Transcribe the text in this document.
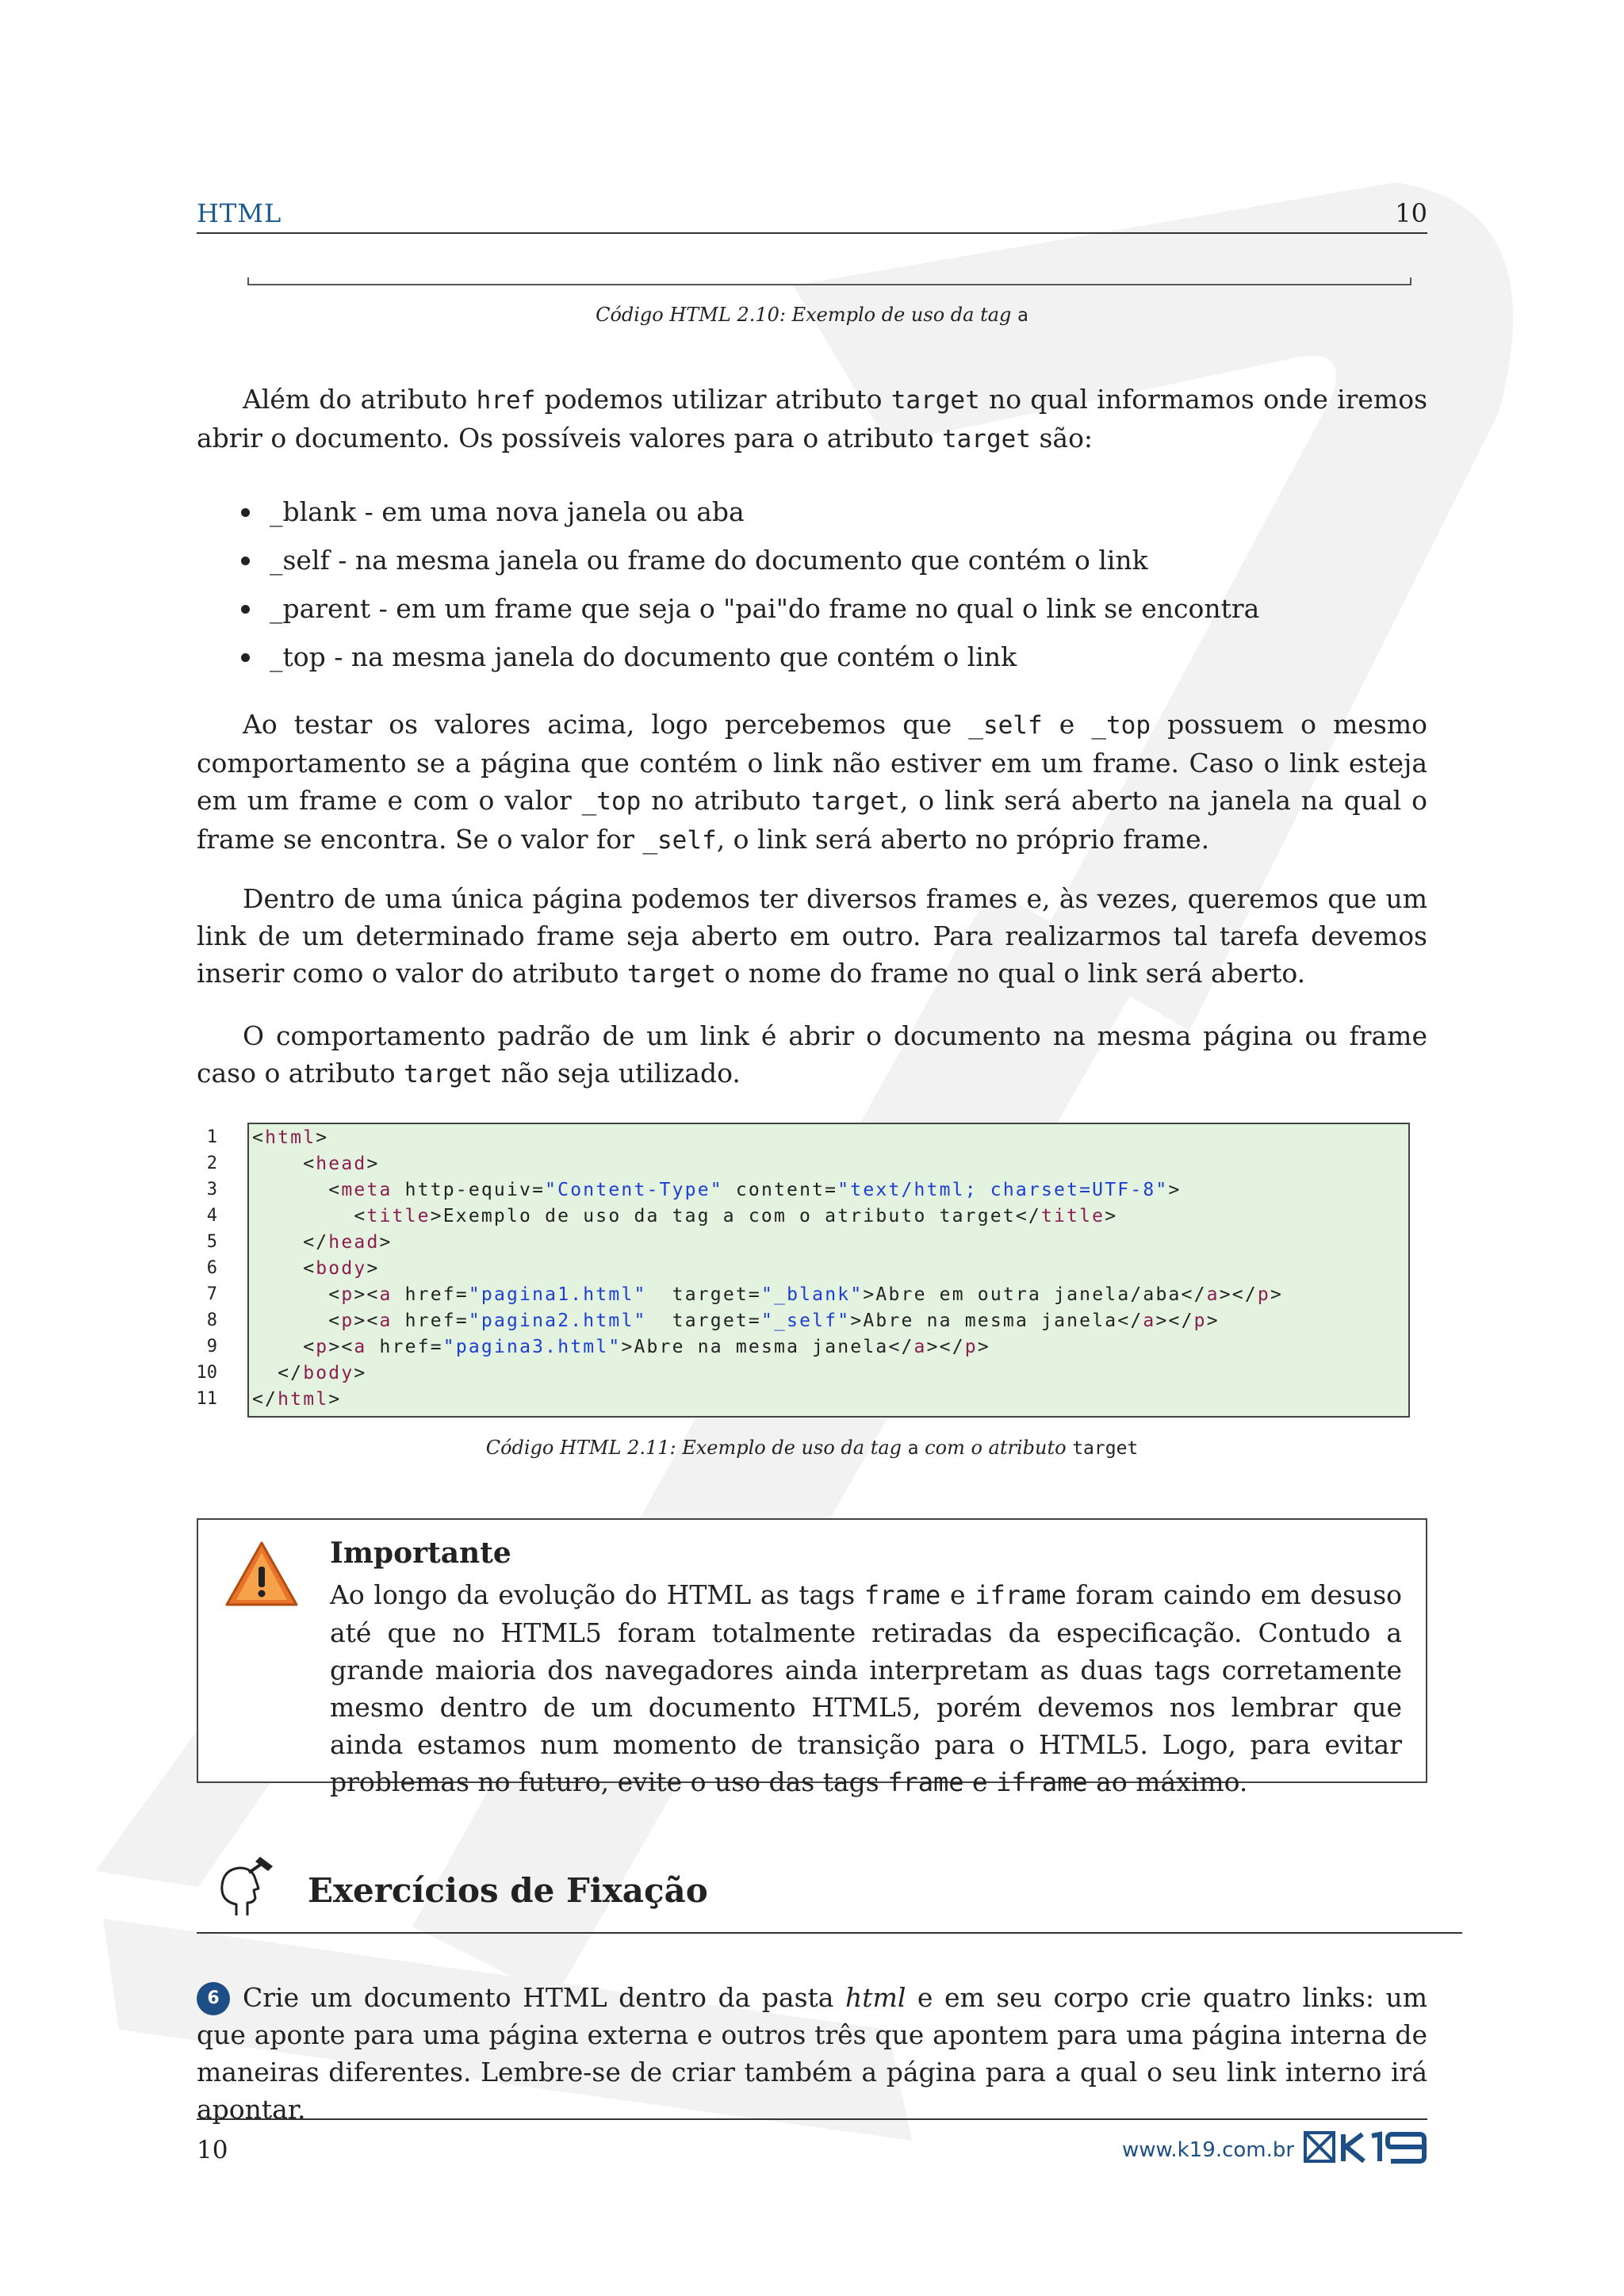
HTML	10
Código HTML 2.10: Exemplo de uso da tag a

Além do atributo href podemos utilizar atributo target no qual informamos onde iremos abrir o documento. Os possíveis valores para o atributo target são:

_blank - em uma nova janela ou aba
_self - na mesma janela ou frame do documento que contém o link
_parent - em um frame que seja o "pai"do frame no qual o link se encontra
_top - na mesma janela do documento que contém o link

Ao testar os valores acima, logo percebemos que _self e _top possuem o mesmo comportamento se a página que contém o link não estiver em um frame. Caso o link esteja em um frame e com o valor _top no atributo target, o link será aberto na janela na qual o frame se encontra. Se o valor for _self, o link será aberto no próprio frame.

Dentro de uma única página podemos ter diversos frames e, às vezes, queremos que um link de um determinado frame seja aberto em outro. Para realizarmos tal tarefa devemos inserir como o valor do atributo target o nome do frame no qual o link será aberto.

O comportamento padrão de um link é abrir o documento na mesma página ou frame caso o atributo target não seja utilizado.

1
2
3
4
5
6
7
8
9
10
11
<html>
<head>
<meta http-equiv="Content-Type" content="text/html; charset=UTF-8">
<title>Exemplo de uso da tag a com o atributo target</title>
</head>
<body>
<p><a href="pagina1.html"  target="_blank">Abre em outra janela/aba</a></p>
<p><a href="pagina2.html"  target="_self">Abre na mesma janela</a></p>
<p><a href="pagina3.html">Abre na mesma janela</a></p>
</body>
</html>
Código HTML 2.11: Exemplo de uso da tag a com o atributo target
Importante
Ao longo da evolução do HTML as tags frame e iframe foram caindo em desuso até que no HTML5 foram totalmente retiradas da especificação. Contudo a grande maioria dos navegadores ainda interpretam as duas tags corretamente mesmo dentro de um documento HTML5, porém devemos nos lembrar que ainda estamos num momento de transição para o HTML5. Logo, para evitar problemas no futuro, evite o uso das tags frame e iframe ao máximo.
Exercícios de Fixação
6 Crie um documento HTML dentro da pasta html e em seu corpo crie quatro links: um que aponte para uma página externa e outros três que apontem para uma página interna de maneiras diferentes. Lembre-se de criar também a página para a qual o seu link interno irá apontar.

10	www.k19.com.br
